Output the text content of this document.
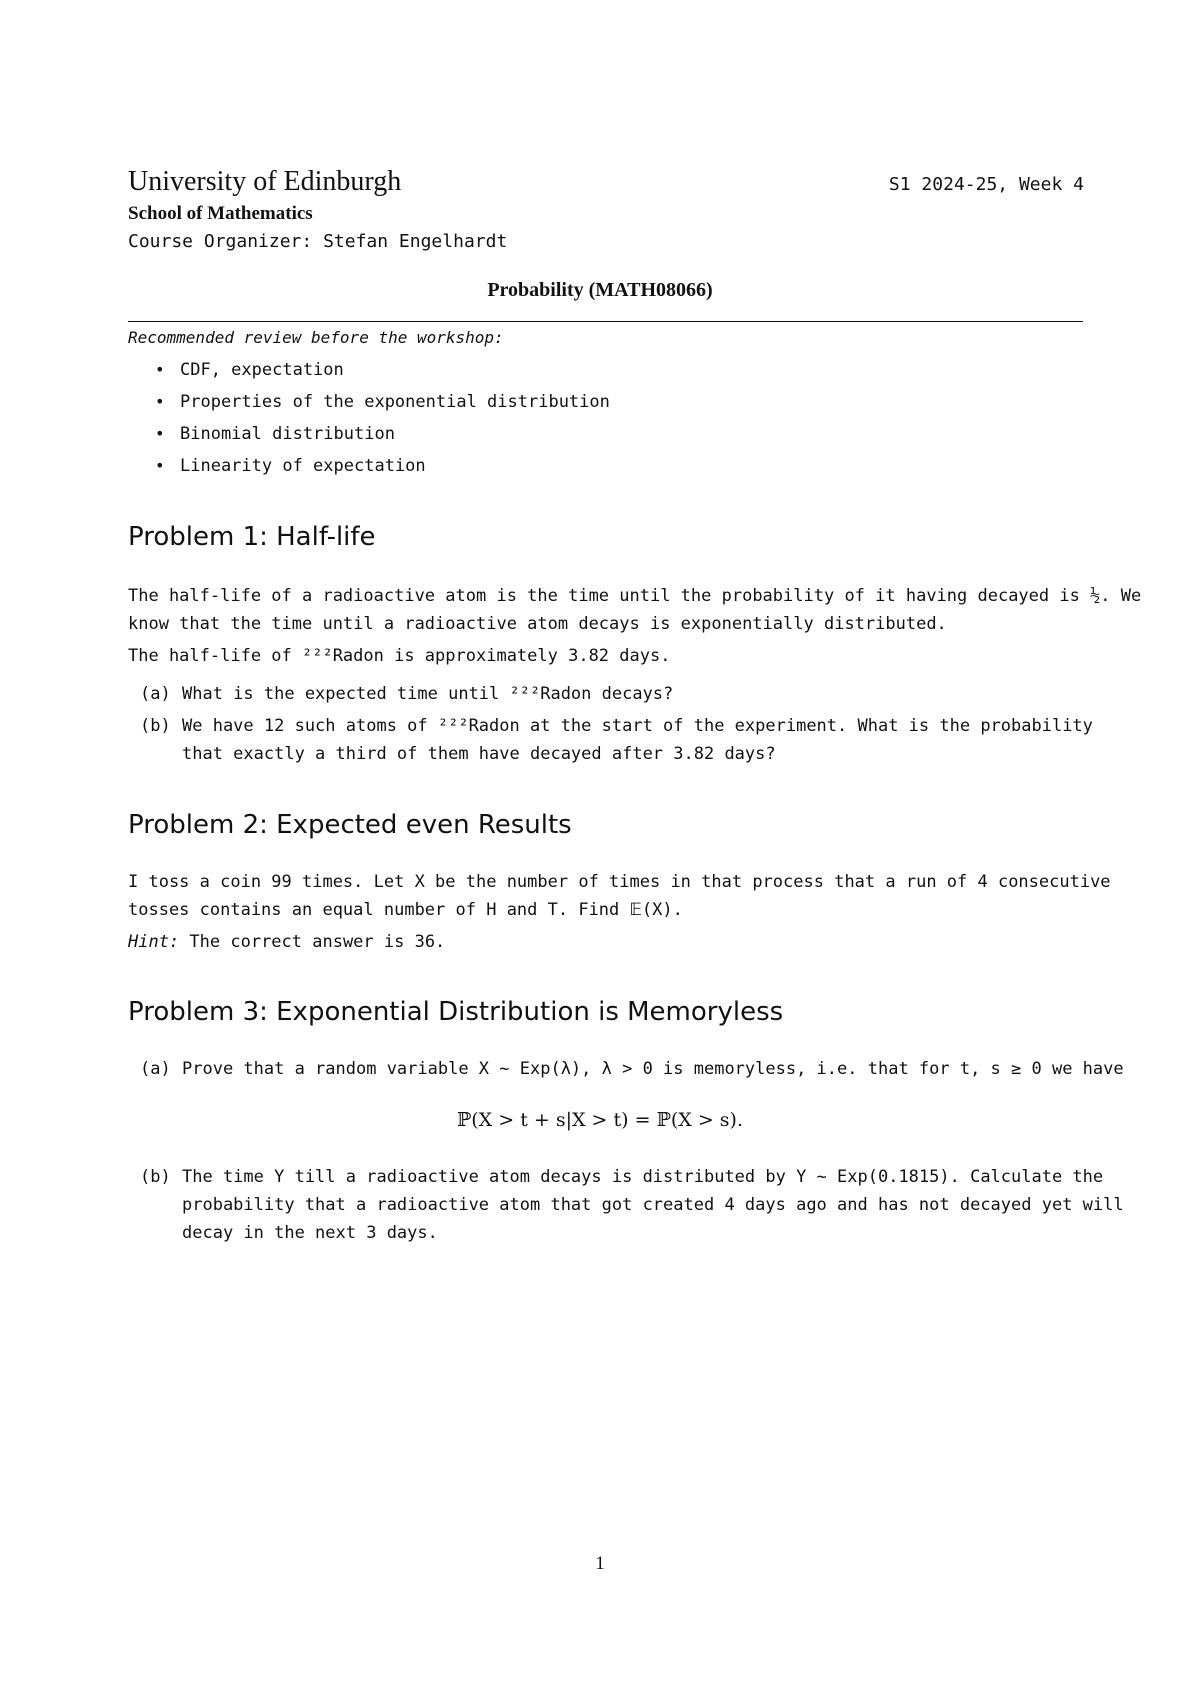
University of Edinburgh	S1 2024-25, Week 4
School of Mathematics
Course Organizer: Stefan Engelhardt
Probability (MATH08066)
Recommended review before the workshop:
• CDF, expectation
• Properties of the exponential distribution
• Binomial distribution
• Linearity of expectation
Problem 1: Half-life

The half-life of a radioactive atom is the time until the probability of it having decayed is ½. We

know that the time until a radioactive atom decays is exponentially distributed.

The half-life of ²²²Radon is approximately 3.82 days.

(a) What is the expected time until ²²²Radon decays?
(b) We have 12 such atoms of ²²²Radon at the start of the experiment. What is the probability
that exactly a third of them have decayed after 3.82 days?
Problem 2: Expected even Results

I toss a coin 99 times. Let X be the number of times in that process that a run of 4 consecutive

tosses contains an equal number of H and T. Find 𝔼(X).

Hint: The correct answer is 36.

Problem 3: Exponential Distribution is Memoryless
(a) Prove that a random variable X ~ Exp(λ), λ > 0 is memoryless, i.e. that for t, s ≥ 0 we have
ℙ(X > t + s|X > t) = ℙ(X > s).
(b) The time Y till a radioactive atom decays is distributed by Y ~ Exp(0.1815). Calculate the
probability that a radioactive atom that got created 4 days ago and has not decayed yet will
decay in the next 3 days.
1
